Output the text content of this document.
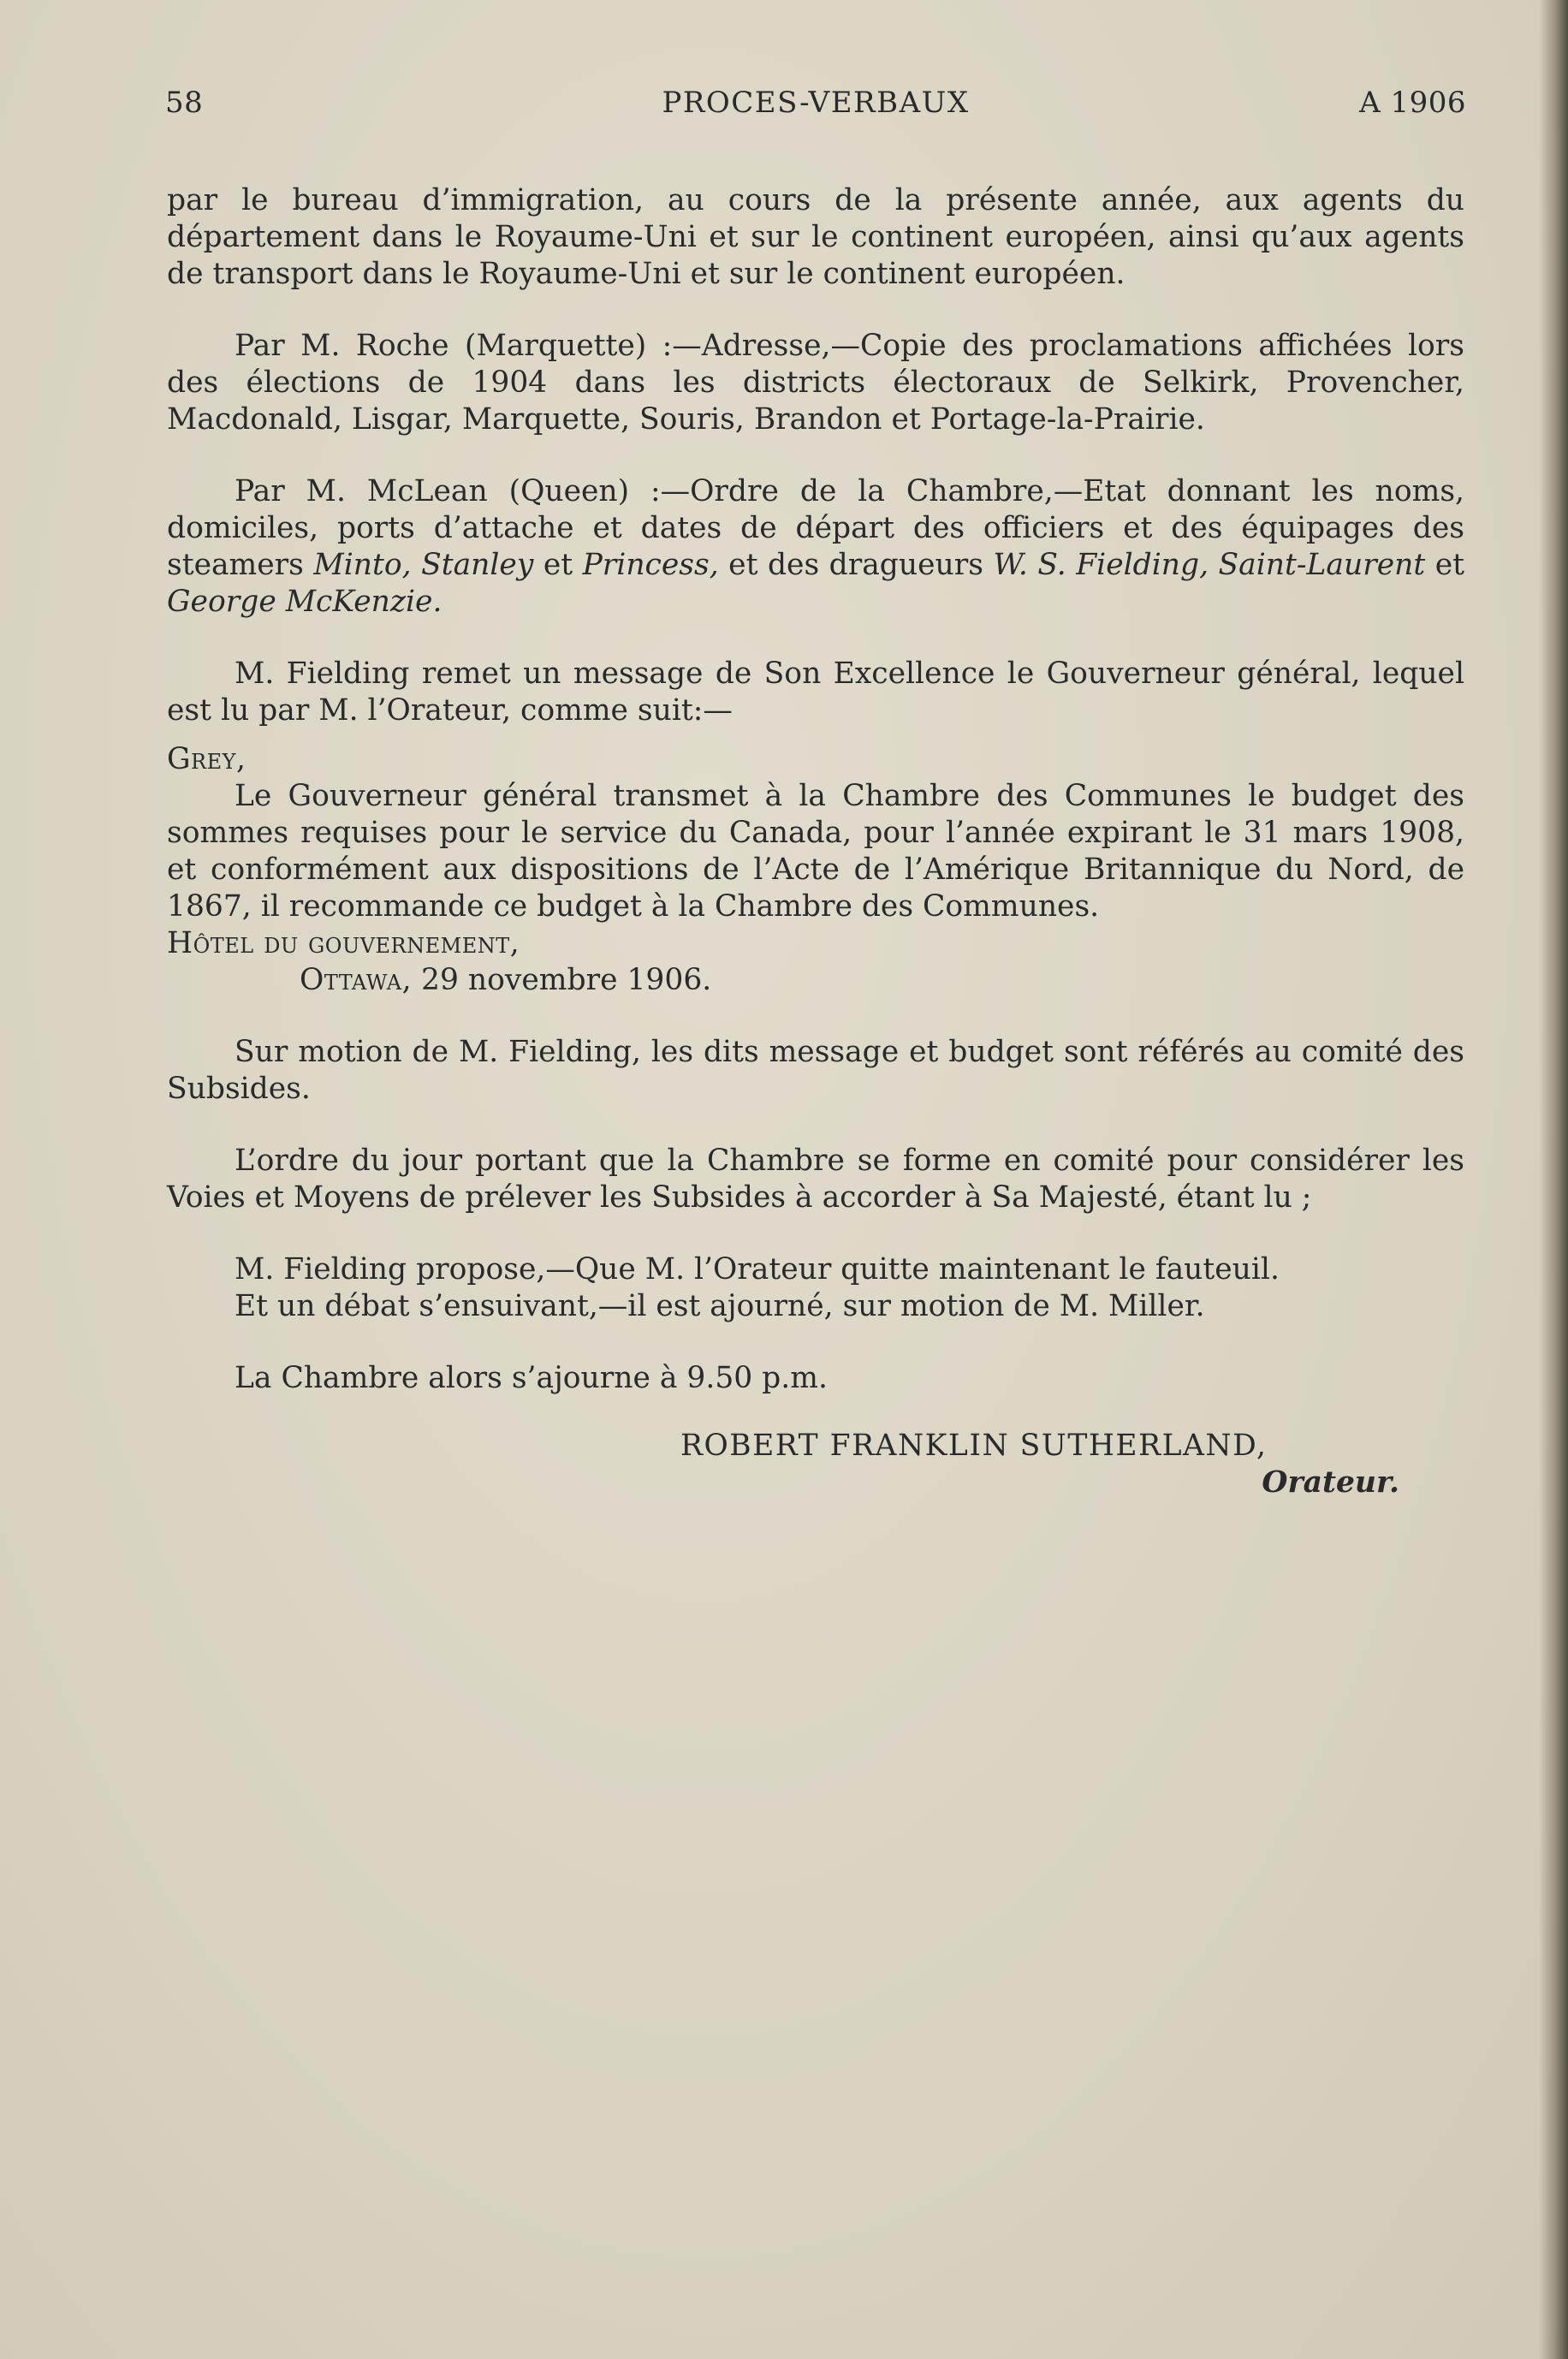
58	PROCES-VERBAUX	A 1906

par le bureau d’immigration, au cours de la présente année, aux agents du département dans le Royaume-Uni et sur le continent européen, ainsi qu’aux agents de transport dans le Royaume-Uni et sur le continent européen.

Par M. Roche (Marquette) :—Adresse,—Copie des proclamations affichées lors des élections de 1904 dans les districts électoraux de Selkirk, Provencher, Macdonald, Lisgar, Marquette, Souris, Brandon et Portage-la-Prairie.

Par M. McLean (Queen) :—Ordre de la Chambre,—Etat donnant les noms, domiciles, ports d’attache et dates de départ des officiers et des équipages des steamers Minto, Stanley et Princess, et des dragueurs W. S. Fielding, Saint-Laurent et George McKenzie.

M. Fielding remet un message de Son Excellence le Gouverneur général, lequel est lu par M. l’Orateur, comme suit:—

Grey,

Le Gouverneur général transmet à la Chambre des Communes le budget des sommes requises pour le service du Canada, pour l’année expirant le 31 mars 1908, et conformément aux dispositions de l’Acte de l’Amérique Britannique du Nord, de 1867, il recommande ce budget à la Chambre des Communes.

Hôtel du gouvernement,

Ottawa, 29 novembre 1906.

Sur motion de M. Fielding, les dits message et budget sont référés au comité des Subsides.

L’ordre du jour portant que la Chambre se forme en comité pour considérer les Voies et Moyens de prélever les Subsides à accorder à Sa Majesté, étant lu ;

M. Fielding propose,—Que M. l’Orateur quitte maintenant le fauteuil.

Et un débat s’ensuivant,—il est ajourné, sur motion de M. Miller.

La Chambre alors s’ajourne à 9.50 p.m.

ROBERT FRANKLIN SUTHERLAND,
Orateur.
